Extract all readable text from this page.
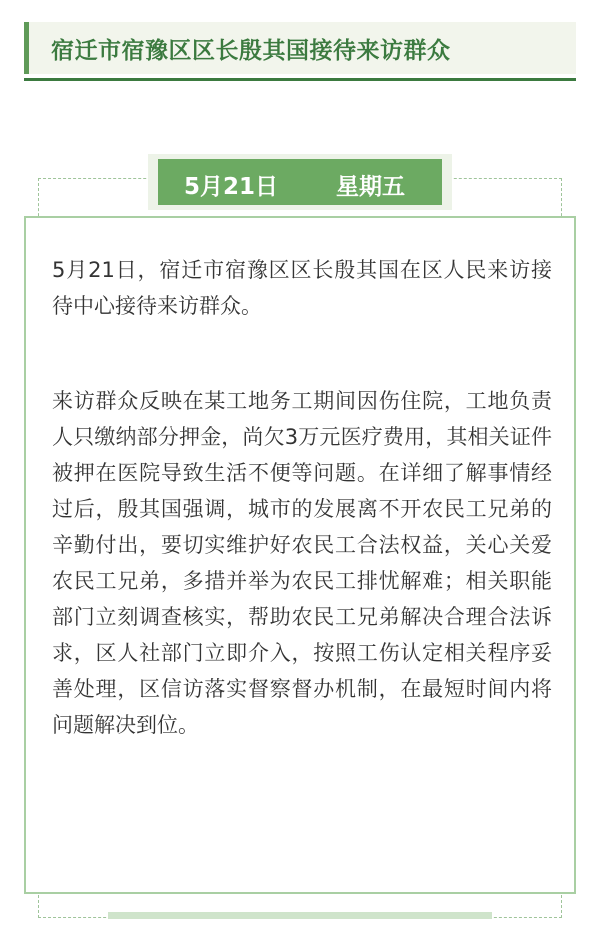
宿迁市宿豫区区长殷其国接待来访群众

5月21日，宿迁市宿豫区区长殷其国在区人民来访接待中心接待来访群众。

来访群众反映在某工地务工期间因伤住院，工地负责人只缴纳部分押金，尚欠3万元医疗费用，其相关证件被押在医院导致生活不便等问题。在详细了解事情经过后，殷其国强调，城市的发展离不开农民工兄弟的辛勤付出，要切实维护好农民工合法权益，关心关爱农民工兄弟，多措并举为农民工排忧解难；相关职能部门立刻调查核实，帮助农民工兄弟解决合理合法诉求，区人社部门立即介入，按照工伤认定相关程序妥善处理，区信访落实督察督办机制，在最短时间内将问题解决到位。

5月21日	星期五
